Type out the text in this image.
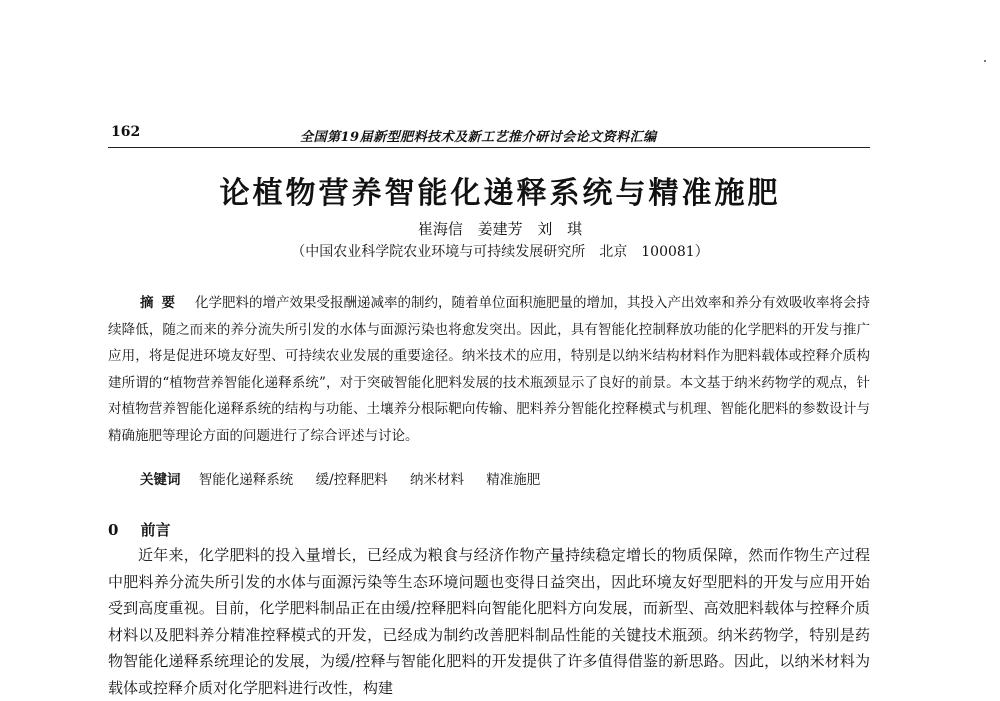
162	全国第19届新型肥料技术及新工艺推介研讨会论文资料汇编
论植物营养智能化递释系统与精准施肥
崔海信 姜建芳 刘 琪
（中国农业科学院农业环境与可持续发展研究所　北京　100081）
摘要 化学肥料的增产效果受报酬递减率的制约，随着单位面积施肥量的增加，其投入产出效率和养分有效吸收率将会持续降低，随之而来的养分流失所引发的水体与面源污染也将愈发突出。因此，具有智能化控制释放功能的化学肥料的开发与推广应用，将是促进环境友好型、可持续农业发展的重要途径。纳米技术的应用，特别是以纳米结构材料作为肥料载体或控释介质构建所谓的“植物营养智能化递释系统”，对于突破智能化肥料发展的技术瓶颈显示了良好的前景。本文基于纳米药物学的观点，针对植物营养智能化递释系统的结构与功能、土壤养分根际靶向传输、肥料养分智能化控释模式与机理、智能化肥料的参数设计与精确施肥等理论方面的问题进行了综合评述与讨论。
关键词 智能化递释系统 缓/控释肥料 纳米材料 精准施肥
0 前言

近年来，化学肥料的投入量增长，已经成为粮食与经济作物产量持续稳定增长的物质保障，然而作物生产过程中肥料养分流失所引发的水体与面源污染等生态环境问题也变得日益突出，因此环境友好型肥料的开发与应用开始受到高度重视。目前，化学肥料制品正在由缓/控释肥料向智能化肥料方向发展，而新型、高效肥料载体与控释介质材料以及肥料养分精准控释模式的开发，已经成为制约改善肥料制品性能的关键技术瓶颈。纳米药物学，特别是药物智能化递释系统理论的发展，为缓/控释与智能化肥料的开发提供了许多值得借鉴的新思路。因此，以纳米材料为载体或控释介质对化学肥料进行改性，构建
